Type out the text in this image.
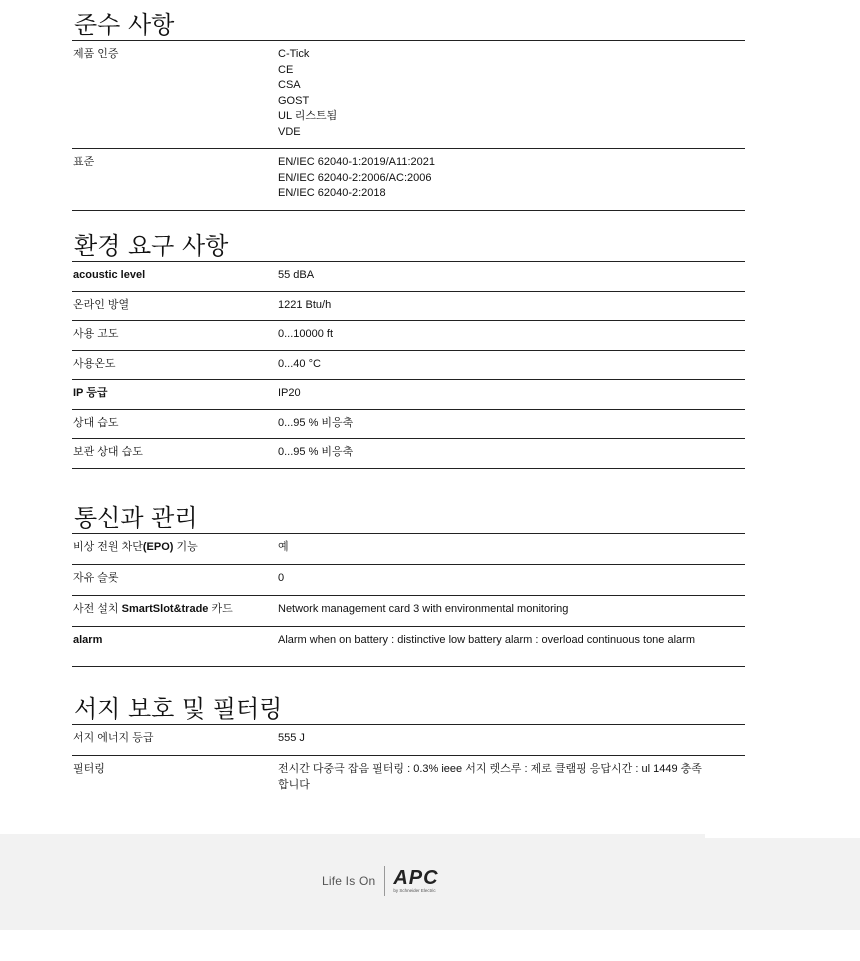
준수 사항
제품 인증	C-Tick
CE
CSA
GOST
UL 리스트됨
VDE
표준	EN/IEC 62040-1:2019/A11:2021
EN/IEC 62040-2:2006/AC:2006
EN/IEC 62040-2:2018
환경 요구 사항
acoustic level	55 dBA
온라인 방열	1221 Btu/h
사용 고도	0...10000 ft
사용온도	0...40 °C
IP 등급	IP20
상대 습도	0...95 % 비응축
보관 상대 습도	0...95 % 비응축
통신과 관리
비상 전원 차단(EPO) 기능	예
자유 슬롯	0
사전 설치 SmartSlot&trade 카드	Network management card 3 with environmental monitoring
alarm	Alarm when on battery : distinctive low battery alarm : overload continuous tone alarm
서지 보호 및 필터링
서지 에너지 등급	555 J
필터링	전시간 다중극 잡음 필터링 : 0.3% ieee 서지 렛스루 : 제로 클램핑 응답시간 : ul 1449 충족합니다
Life Is On APC
by Schneider Electric
